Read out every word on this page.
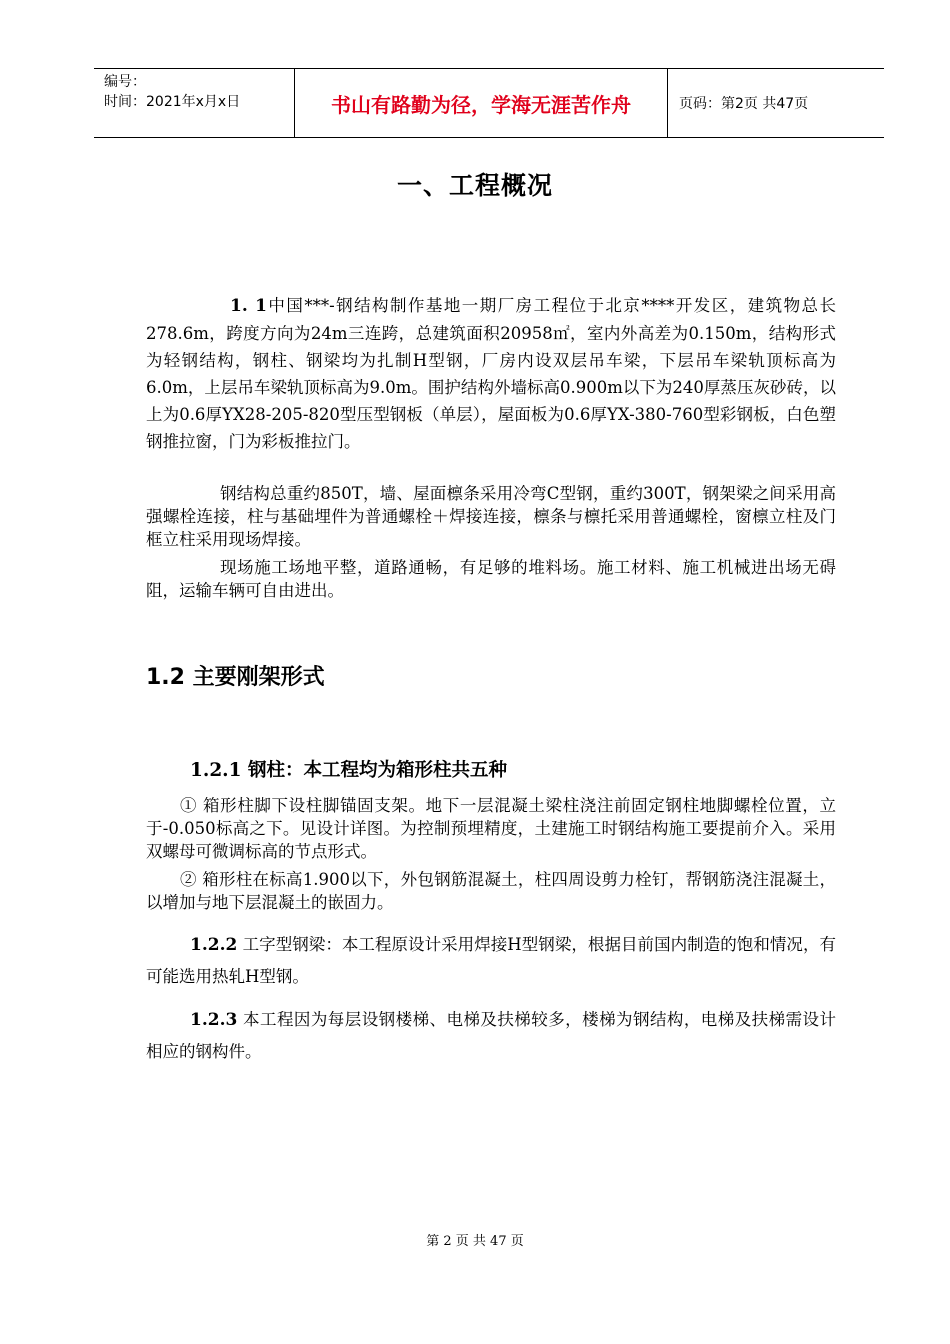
编号：
时间：2021年x月x日	书山有路勤为径，学海无涯苦作舟	页码：第2页 共47页
一、工程概况
1. 1中国***-钢结构制作基地一期厂房工程位于北京****开发区，建筑物总长278.6m，跨度方向为24m三连跨，总建筑面积20958㎡，室内外高差为0.150m，结构形式为轻钢结构，钢柱、钢梁均为扎制H型钢，厂房内设双层吊车梁，下层吊车梁轨顶标高为6.0m，上层吊车梁轨顶标高为9.0m。围护结构外墙标高0.900m以下为240厚蒸压灰砂砖，以上为0.6厚YX28-205-820型压型钢板（单层），屋面板为0.6厚YX-380-760型彩钢板，白色塑钢推拉窗，门为彩板推拉门。
钢结构总重约850T，墙、屋面檩条采用冷弯C型钢，重约300T，钢架梁之间采用高强螺栓连接，柱与基础埋件为普通螺栓＋焊接连接，檩条与檩托采用普通螺栓，窗檩立柱及门框立柱采用现场焊接。
现场施工场地平整，道路通畅，有足够的堆料场。施工材料、施工机械进出场无碍阻，运输车辆可自由进出。
1.2 主要刚架形式
1.2.1 钢柱：本工程均为箱形柱共五种
① 箱形柱脚下设柱脚锚固支架。地下一层混凝土梁柱浇注前固定钢柱地脚螺栓位置，立于-0.050标高之下。见设计详图。为控制预埋精度，土建施工时钢结构施工要提前介入。采用双螺母可微调标高的节点形式。
② 箱形柱在标高1.900以下，外包钢筋混凝土，柱四周设剪力栓钉，帮钢筋浇注混凝土，以增加与地下层混凝土的嵌固力。
1.2.2 工字型钢梁：本工程原设计采用焊接H型钢梁，根据目前国内制造的饱和情况，有可能选用热轧H型钢。
1.2.3 本工程因为每层设钢楼梯、电梯及扶梯较多，楼梯为钢结构，电梯及扶梯需设计相应的钢构件。
第 2 页 共 47 页
